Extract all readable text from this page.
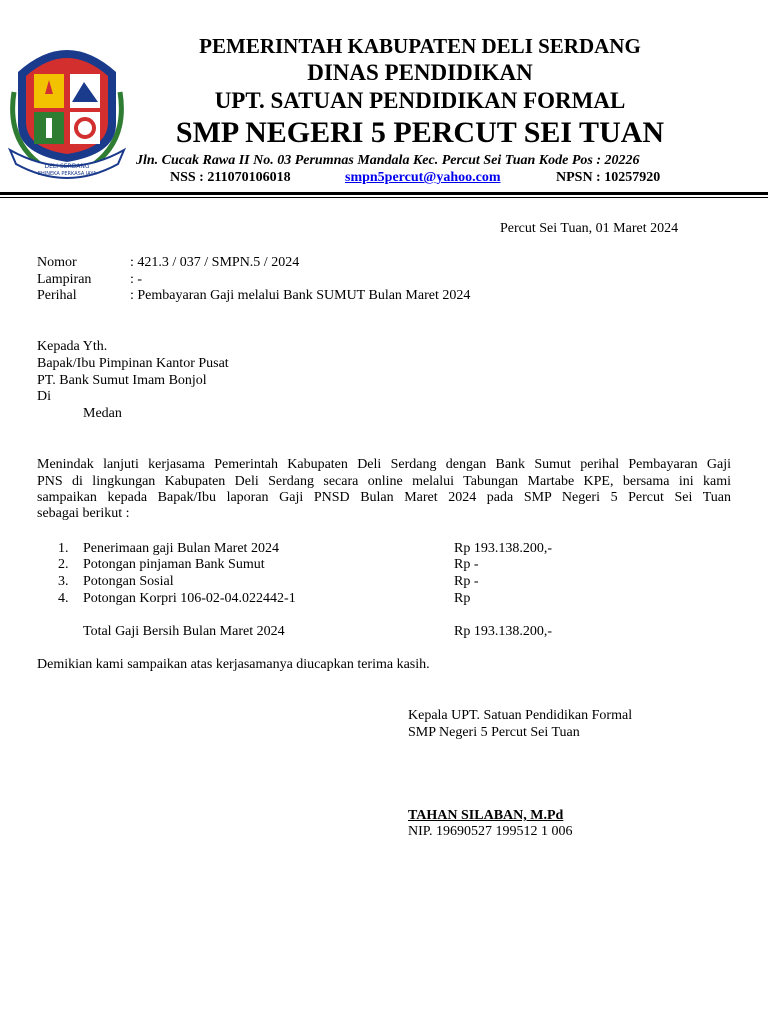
DELI SERDANG
BHINEKA PERKASA JAYA
PEMERINTAH KABUPATEN DELI SERDANG
DINAS PENDIDIKAN
UPT. SATUAN PENDIDIKAN FORMAL
SMP NEGERI 5 PERCUT SEI TUAN
Jln. Cucak Rawa II No. 03 Perumnas Mandala Kec. Percut Sei Tuan Kode Pos : 20226
NSS : 211070106018	smpn5percut@yahoo.com	NPSN : 10257920
Percut Sei Tuan, 01 Maret 2024
Nomor	: 421.3 / 037 / SMPN.5 / 2024
Lampiran	: -
Perihal	: Pembayaran Gaji melalui Bank SUMUT Bulan Maret 2024
Kepada Yth.
Bapak/Ibu Pimpinan Kantor Pusat
PT. Bank Sumut Imam Bonjol
Di
Medan
Menindak lanjuti kerjasama Pemerintah Kabupaten Deli Serdang dengan Bank Sumut perihal Pembayaran Gaji
PNS di lingkungan Kabupaten Deli Serdang secara online melalui Tabungan Martabe KPE, bersama ini kami
sampaikan kepada Bapak/Ibu laporan Gaji PNSD Bulan Maret 2024 pada SMP Negeri 5 Percut Sei Tuan
sebagai berikut :
1. Penerimaan gaji Bulan Maret 2024	Rp 193.138.200,-
2. Potongan pinjaman Bank Sumut	Rp -
3. Potongan Sosial	Rp -
4. Potongan Korpri 106-02-04.022442-1	Rp
Total Gaji Bersih Bulan Maret 2024	Rp 193.138.200,-
Demikian kami sampaikan atas kerjasamanya diucapkan terima kasih.
Kepala UPT. Satuan Pendidikan Formal
SMP Negeri 5 Percut Sei Tuan
TAHAN SILABAN, M.Pd
NIP. 19690527 199512 1 006
